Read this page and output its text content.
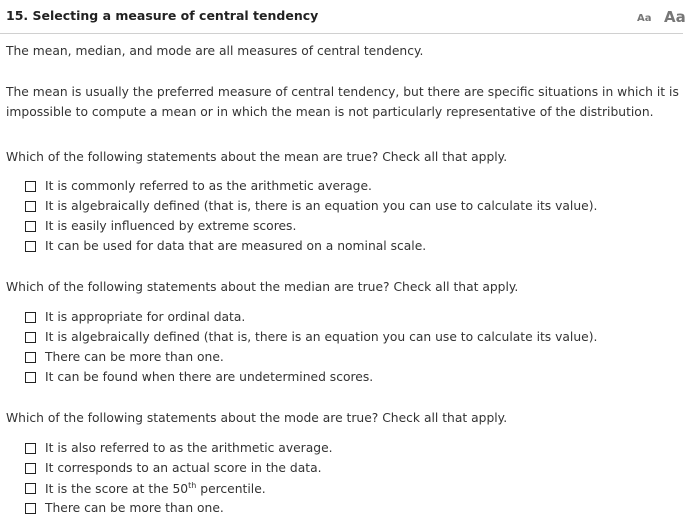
15. Selecting a measure of central tendency	Aa Aa
The mean, median, and mode are all measures of central tendency.
The mean is usually the preferred measure of central tendency, but there are specific situations in which it is
impossible to compute a mean or in which the mean is not particularly representative of the distribution.
Which of the following statements about the mean are true? Check all that apply.
It is commonly referred to as the arithmetic average.
It is algebraically defined (that is, there is an equation you can use to calculate its value).
It is easily influenced by extreme scores.
It can be used for data that are measured on a nominal scale.
Which of the following statements about the median are true? Check all that apply.
It is appropriate for ordinal data.
It is algebraically defined (that is, there is an equation you can use to calculate its value).
There can be more than one.
It can be found when there are undetermined scores.
Which of the following statements about the mode are true? Check all that apply.
It is also referred to as the arithmetic average.
It corresponds to an actual score in the data.
It is the score at the 50th percentile.
There can be more than one.
